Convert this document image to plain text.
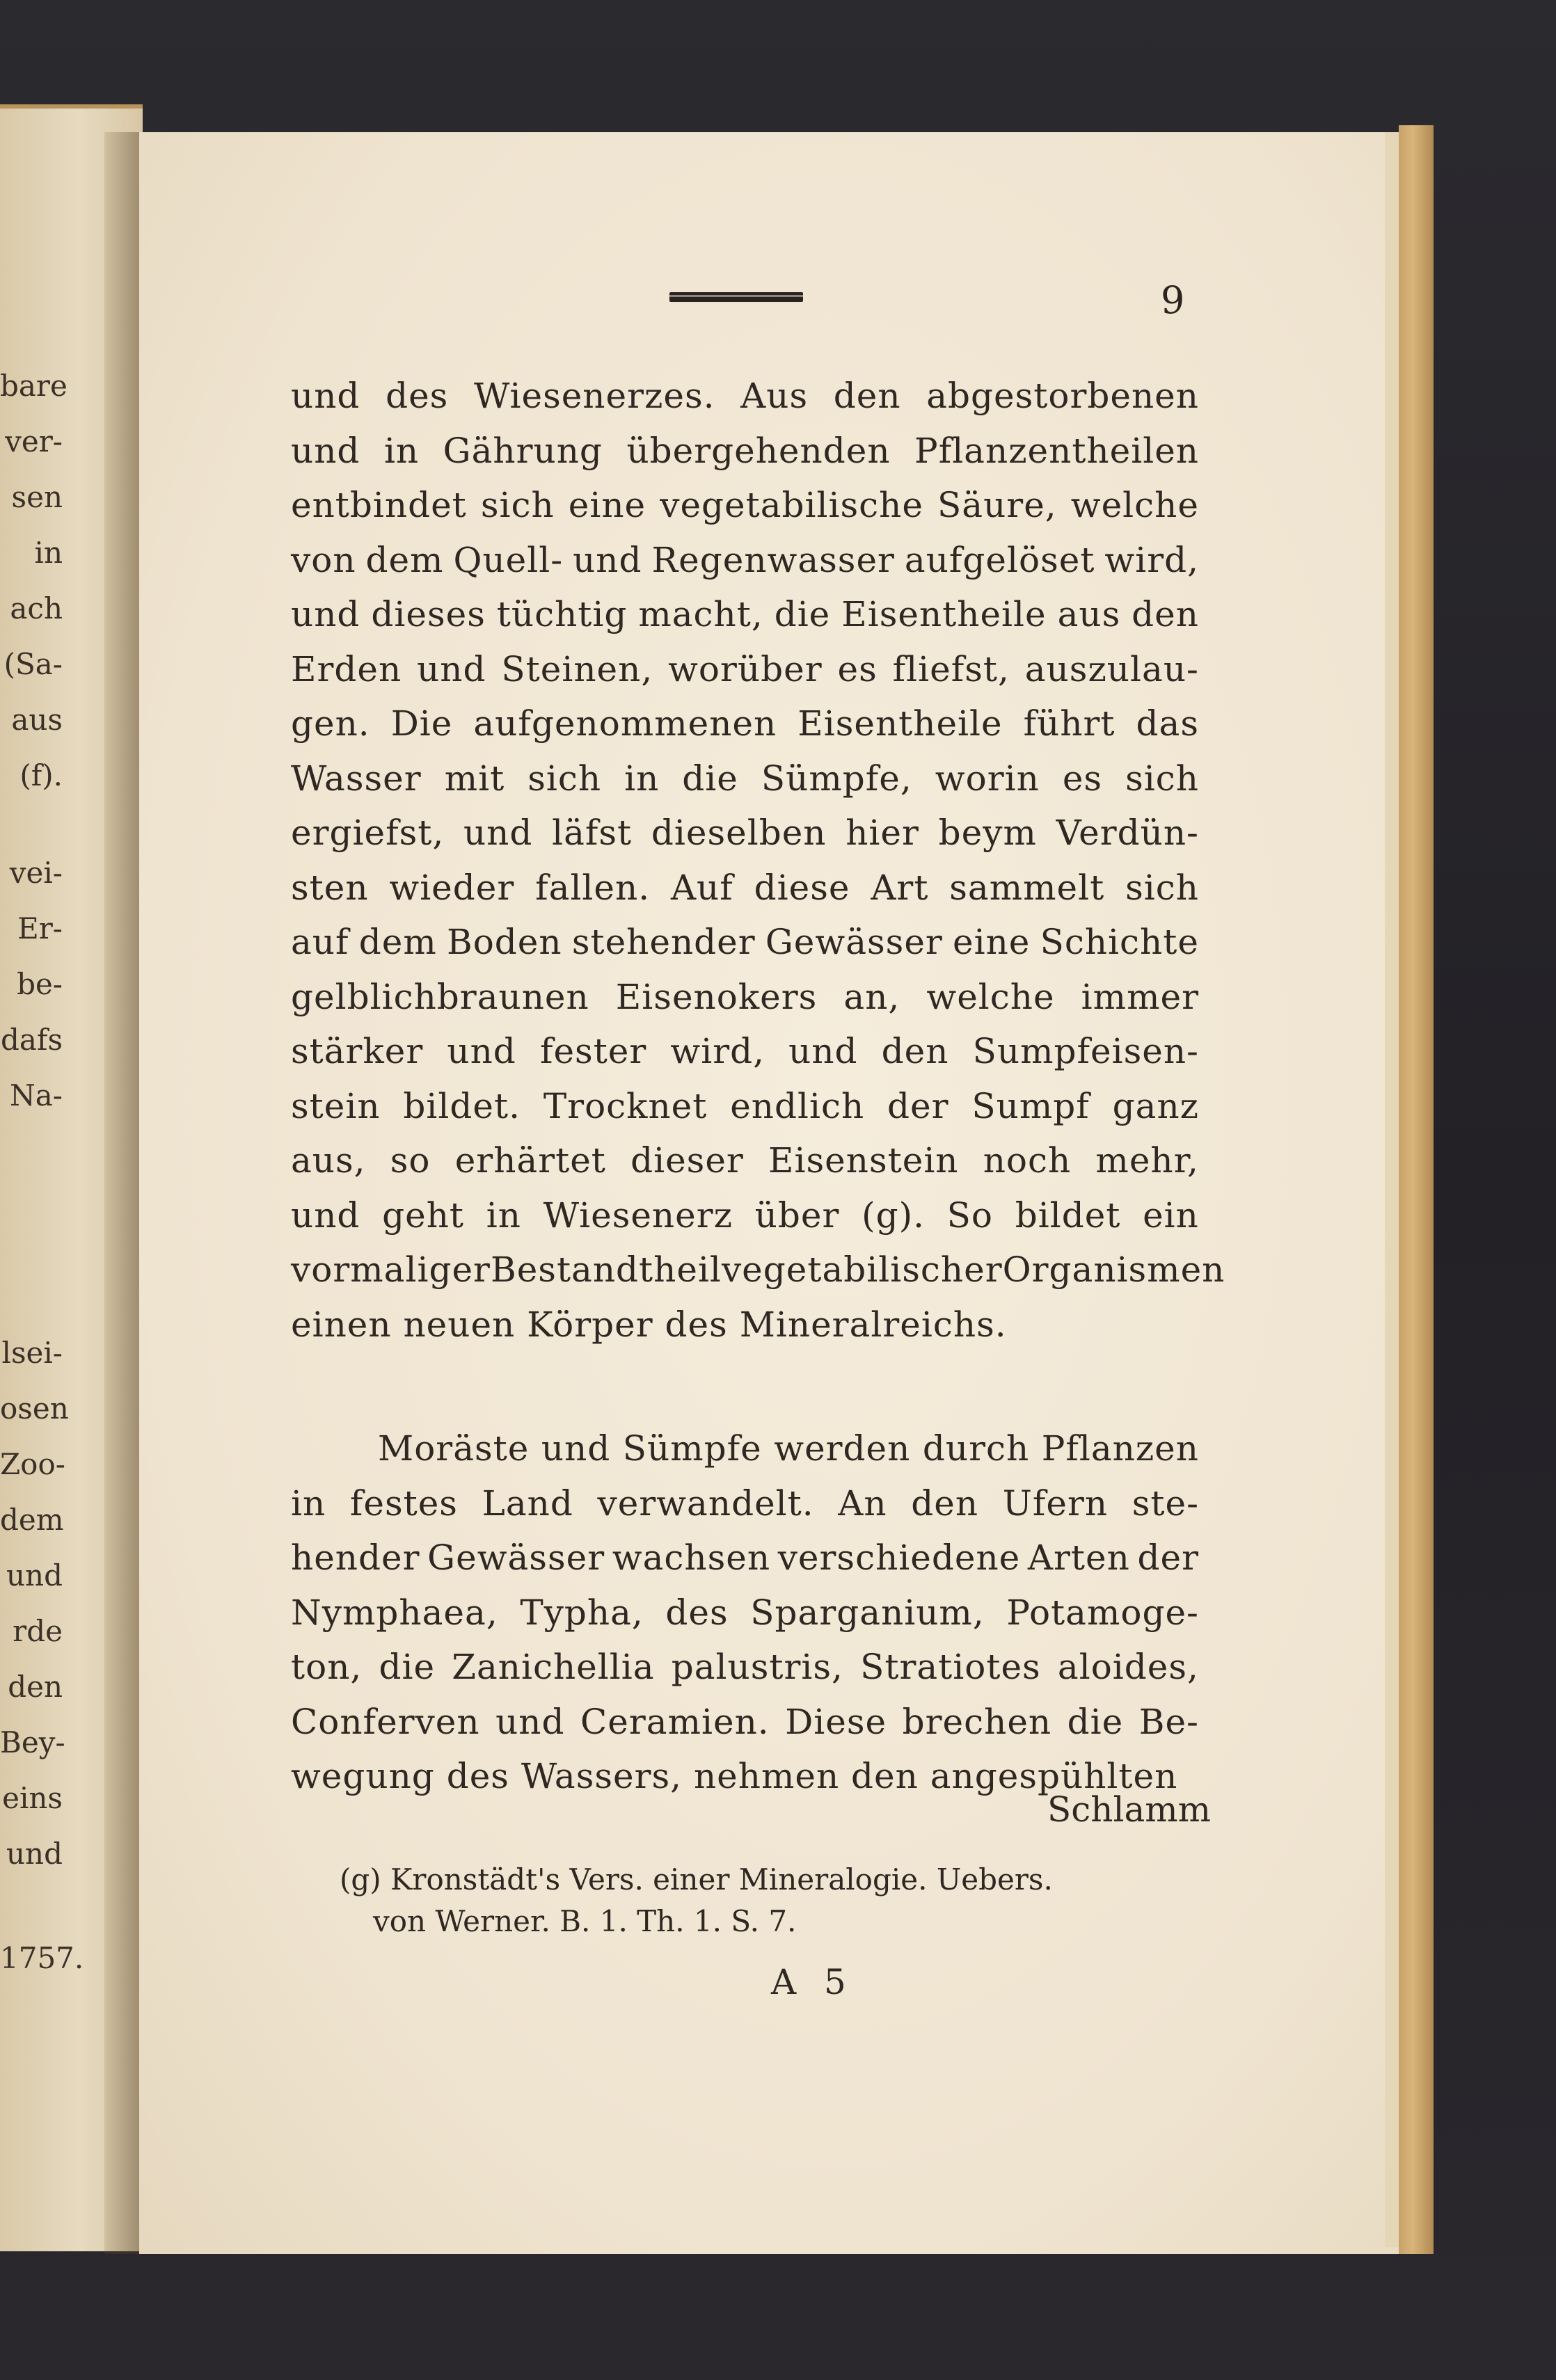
bare
ver-
sen
in
ach
(Sa-
aus
(f).
vei-
Er-
be-
dafs
Na-
lsei-
osen
Zoo-
dem
und
rde
den
Bey-
eins
und
1757.
9
und des Wiesenerzes. Aus den abgestorbenen
und in Gährung übergehenden Pflanzentheilen
entbindet sich eine vegetabilische Säure, welche
von dem Quell- und Regenwasser aufgelöset wird,
und dieses tüchtig macht, die Eisentheile aus den
Erden und Steinen, worüber es fliefst, auszulau-
gen. Die aufgenommenen Eisentheile führt das
Wasser mit sich in die Sümpfe, worin es sich
ergiefst, und läfst dieselben hier beym Verdün-
sten wieder fallen. Auf diese Art sammelt sich
auf dem Boden stehender Gewässer eine Schichte
gelblichbraunen Eisenokers an, welche immer
stärker und fester wird, und den Sumpfeisen-
stein bildet. Trocknet endlich der Sumpf ganz
aus, so erhärtet dieser Eisenstein noch mehr,
und geht in Wiesenerz über (g). So bildet ein
vormaliger Bestandtheil vegetabilischer Organismen
einen neuen Körper des Mineralreichs.
Moräste und Sümpfe werden durch Pflanzen
in festes Land verwandelt. An den Ufern ste-
hender Gewässer wachsen verschiedene Arten der
Nymphaea, Typha, des Sparganium, Potamoge-
ton, die Zanichellia palustris, Stratiotes aloides,
Conferven und Ceramien. Diese brechen die Be-
wegung des Wassers, nehmen den angespühlten
Schlamm
(g) Kronstädt's Vers. einer Mineralogie. Uebers.
von Werner. B. 1. Th. 1. S. 7.
A 5
